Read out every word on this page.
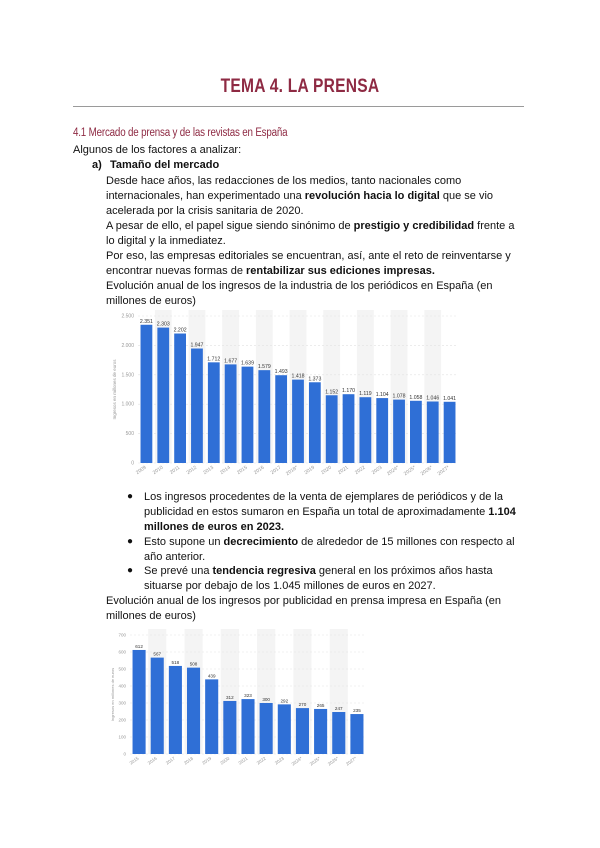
TEMA 4. LA PRENSA
4.1 Mercado de prensa y de las revistas en España
Algunos de los factores a analizar:
a) Tamaño del mercado
Desde hace años, las redacciones de los medios, tanto nacionales como
internacionales, han experimentado una revolución hacia lo digital que se vio
acelerada por la crisis sanitaria de 2020.
A pesar de ello, el papel sigue siendo sinónimo de prestigio y credibilidad frente a
lo digital y la inmediatez.
Por eso, las empresas editoriales se encuentran, así, ante el reto de reinventarse y
encontrar nuevas formas de rentabilizar sus ediciones impresas.
Evolución anual de los ingresos de la industria de los periódicos en España (en
millones de euros)
0
500
1.000
1.500
2.000
2.500
Ingresos en millones de euros
2.351
2009
2.303
2010
2.202
2011
1.947
2012
1.712
2013
1.677
2014
1.639
2015
1.579
2016
1.493
2017
1.418
2018*
1.373
2019
1.152
2020
1.170
2021
1.119
2022
1.104
2023
1.078
2024*
1.058
2025*
1.046
2026*
1.041
2027*
● Los ingresos procedentes de la venta de ejemplares de periódicos y de la
publicidad en estos sumaron en España un total de aproximadamente 1.104
millones de euros en 2023.
● Esto supone un decrecimiento de alrededor de 15 millones con respecto al
año anterior.
● Se prevé una tendencia regresiva general en los próximos años hasta
situarse por debajo de los 1.045 millones de euros en 2027.
Evolución anual de los ingresos por publicidad en prensa impresa en España (en
millones de euros)
0
100
200
300
400
500
600
700
Ingresos en millones de euros
612
2015
567
2016
518
2017
508
2018
439
2019
312
2020
323
2021
300
2022
292
2023
270
2024*
265
2025*
247
2026*
235
2027*
